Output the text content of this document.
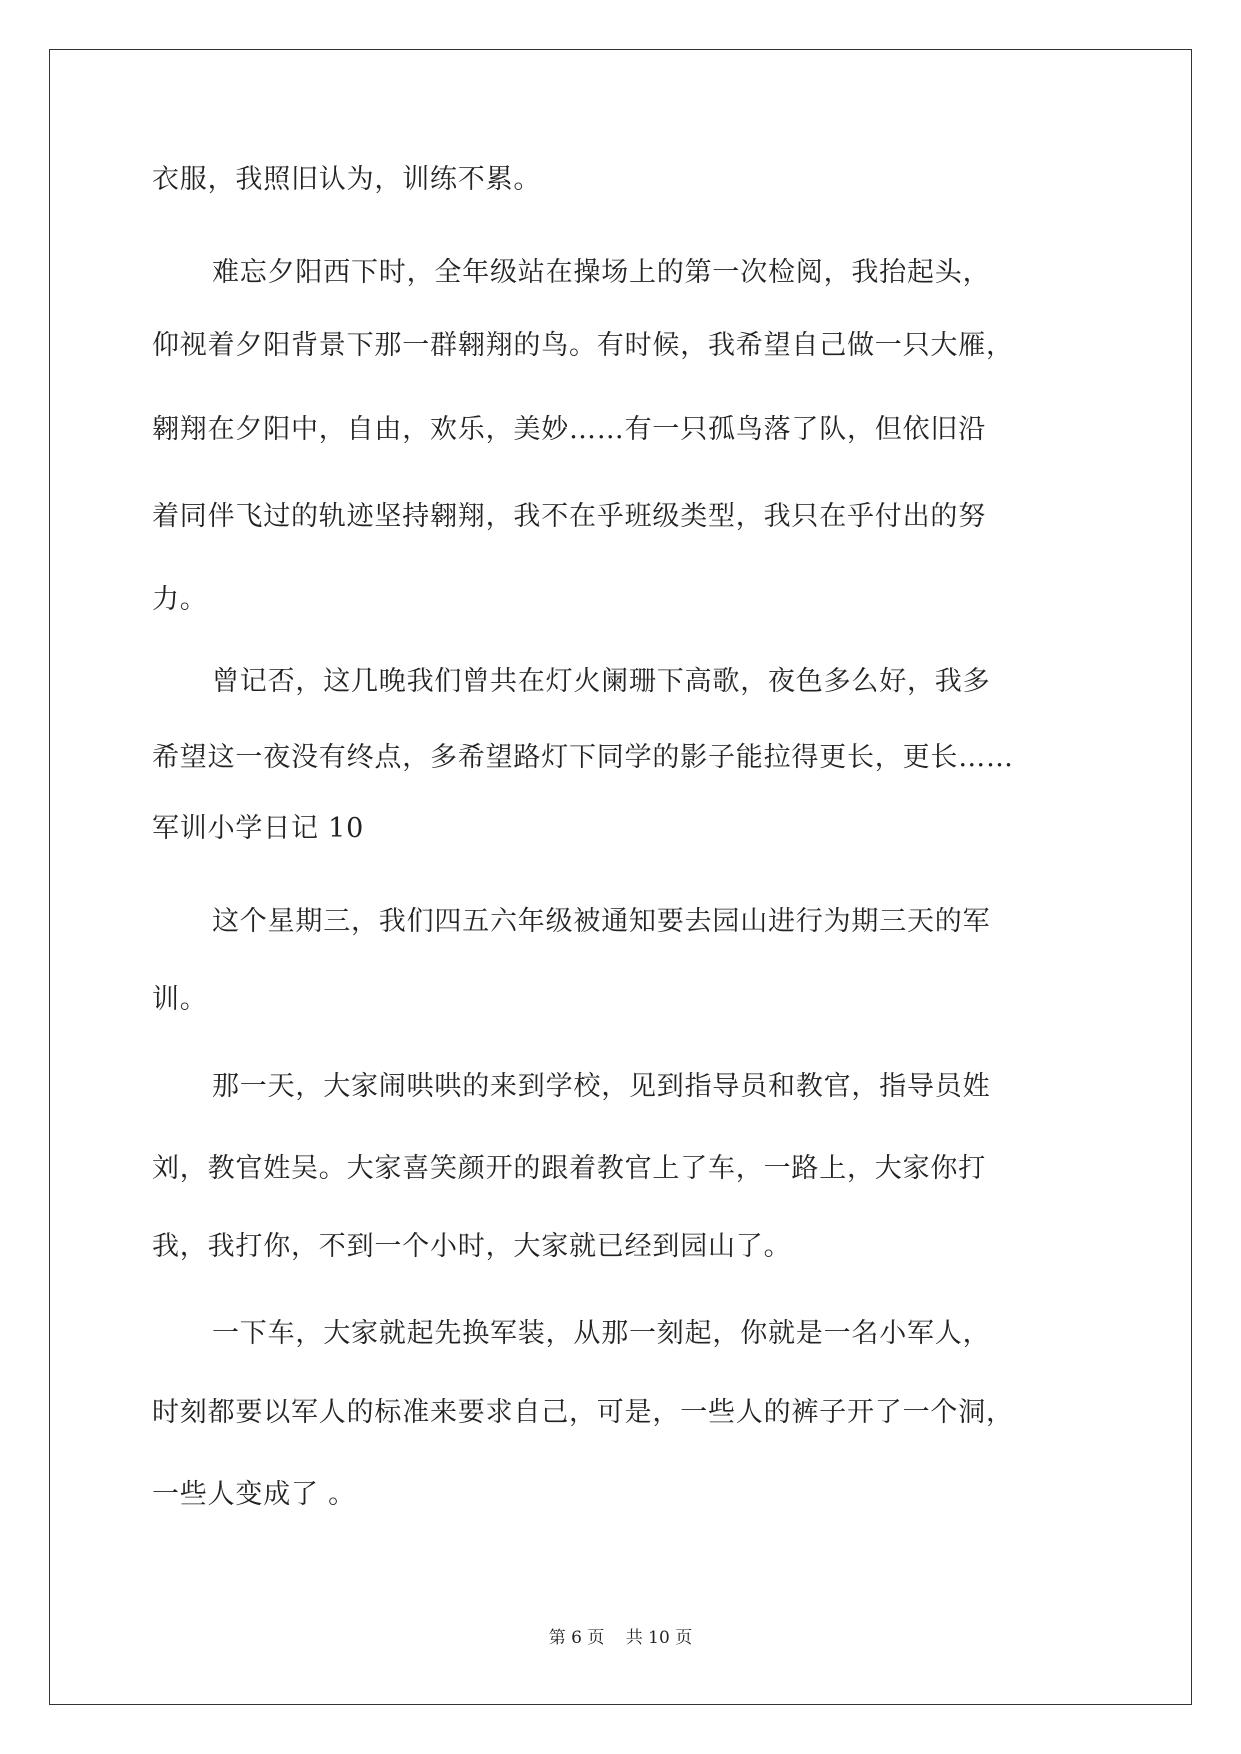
衣服，我照旧认为，训练不累。
难忘夕阳西下时，全年级站在操场上的第一次检阅，我抬起头，
仰视着夕阳背景下那一群翱翔的鸟。有时候，我希望自己做一只大雁，
翱翔在夕阳中，自由，欢乐，美妙……有一只孤鸟落了队，但依旧沿
着同伴飞过的轨迹坚持翱翔，我不在乎班级类型，我只在乎付出的努
力。
曾记否，这几晚我们曾共在灯火阑珊下高歌，夜色多么好，我多
希望这一夜没有终点，多希望路灯下同学的影子能拉得更长，更长……
军训小学日记 10
这个星期三，我们四五六年级被通知要去园山进行为期三天的军
训。
那一天，大家闹哄哄的来到学校，见到指导员和教官，指导员姓
刘，教官姓吴。大家喜笑颜开的跟着教官上了车，一路上，大家你打
我，我打你，不到一个小时，大家就已经到园山了。
一下车，大家就起先换军装，从那一刻起，你就是一名小军人，
时刻都要以军人的标准来要求自己，可是，一些人的裤子开了一个洞，
一些人变成了 。
第 6 页 共 10 页
